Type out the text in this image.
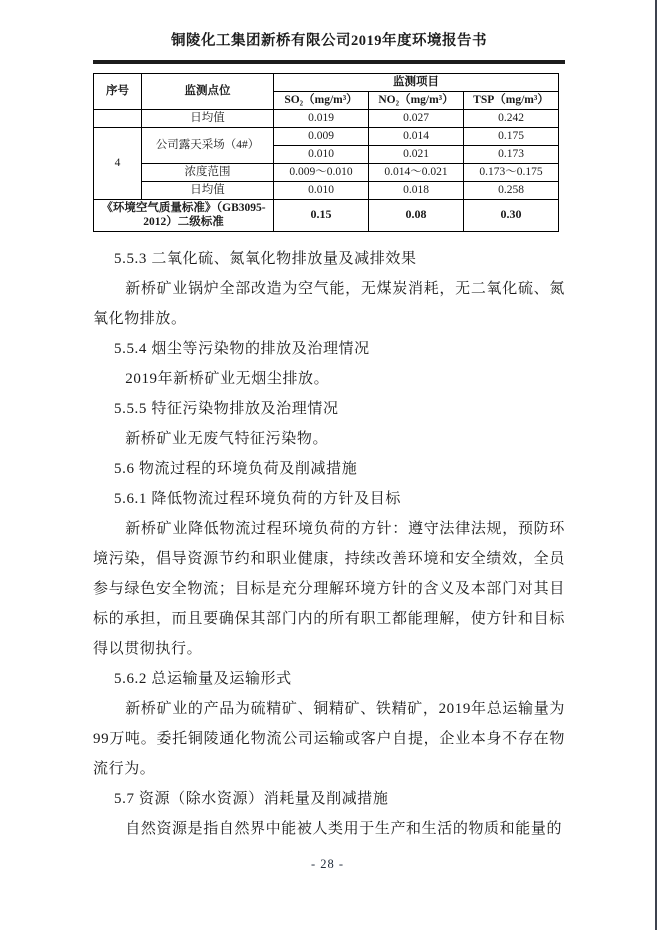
铜陵化工集团新桥有限公司2019年度环境报告书
序号	监测点位	监测项目		
		SO₂（mg/m³）	NO₂（mg/m³）	TSP（mg/m³）
	日均值	0.019	0.027	0.242
4	公司露天采场（4#）	0.009	0.014	0.175
		0.010	0.021	0.173
	浓度范围	0.009～0.010	0.014～0.021	0.173～0.175
	日均值	0.010	0.018	0.258
《环境空气质量标准》（GB3095-2012）二级标准		0.15	0.08	0.30
5.5.3 二氧化硫、氮氧化物排放量及减排效果
新桥矿业锅炉全部改造为空气能，无煤炭消耗，无二氧化硫、氮氧化物排放。
5.5.4 烟尘等污染物的排放及治理情况
2019年新桥矿业无烟尘排放。
5.5.5 特征污染物排放及治理情况
新桥矿业无废气特征污染物。
5.6 物流过程的环境负荷及削减措施
5.6.1 降低物流过程环境负荷的方针及目标
新桥矿业降低物流过程环境负荷的方针：遵守法律法规，预防环境污染，倡导资源节约和职业健康，持续改善环境和安全绩效，全员参与绿色安全物流；目标是充分理解环境方针的含义及本部门对其目标的承担，而且要确保其部门内的所有职工都能理解，使方针和目标得以贯彻执行。
5.6.2 总运输量及运输形式
新桥矿业的产品为硫精矿、铜精矿、铁精矿，2019年总运输量为99万吨。委托铜陵通化物流公司运输或客户自提，企业本身不存在物流行为。
5.7 资源（除水资源）消耗量及削减措施
自然资源是指自然界中能被人类用于生产和生活的物质和能量的
- 28 -
